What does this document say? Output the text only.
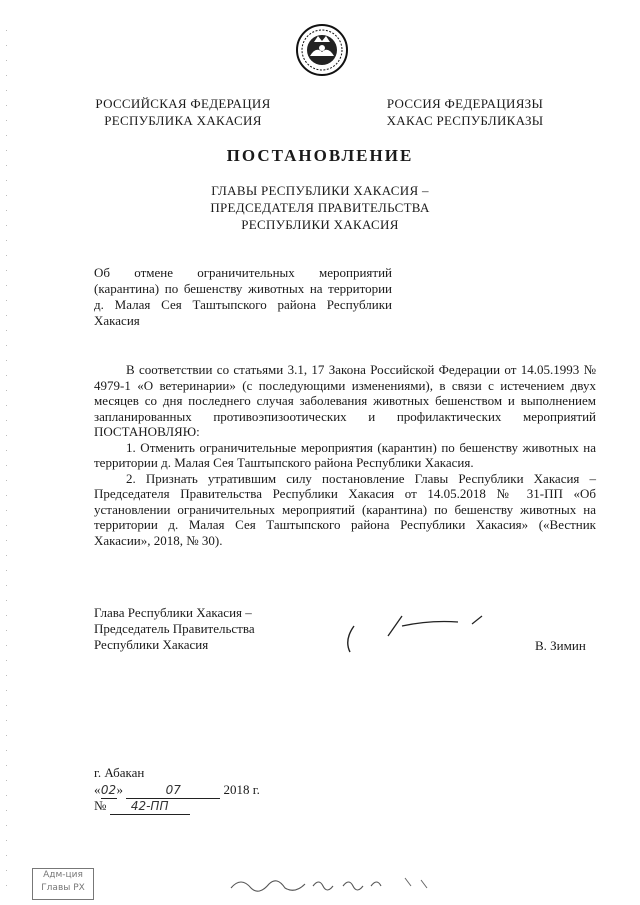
РОССИЙСКАЯ ФЕДЕРАЦИЯ
РЕСПУБЛИКА ХАКАСИЯ
РОССИЯ ФЕДЕРАЦИЯЗЫ
ХАКАС РЕСПУБЛИКАЗЫ
ПОСТАНОВЛЕНИЕ
ГЛАВЫ РЕСПУБЛИКИ ХАКАСИЯ –
ПРЕДСЕДАТЕЛЯ ПРАВИТЕЛЬСТВА
РЕСПУБЛИКИ ХАКАСИЯ
Об отмене ограничительных мероприятий (карантина) по бешенству животных на территории д. Малая Сея Таштыпского района Республики Хакасия

В соответствии со статьями 3.1, 17 Закона Российской Федерации от 14.05.1993 № 4979-1 «О ветеринарии» (с последующими изменениями), в связи с истечением двух месяцев со дня последнего случая заболевания животных бешенством и выполнением запланированных противоэпизоотических и профилактических мероприятий ПОСТАНОВЛЯЮ:

1. Отменить ограничительные мероприятия (карантин) по бешенству животных на территории д. Малая Сея Таштыпского района Республики Хакасия.

2. Признать утратившим силу постановление Главы Республики Хакасия – Председателя Правительства Республики Хакасия от 14.05.2018 № 31-ПП «Об установлении ограничительных мероприятий (карантина) по бешенству животных на территории д. Малая Сея Таштыпского района Республики Хакасия» («Вестник Хакасии», 2018, № 30).

Глава Республики Хакасия –
Председатель Правительства
Республики Хакасия	В. Зимин
г. Абакан
«02»	07	2018 г.
№ 42-ПП
Адм-ция
Главы РХ
